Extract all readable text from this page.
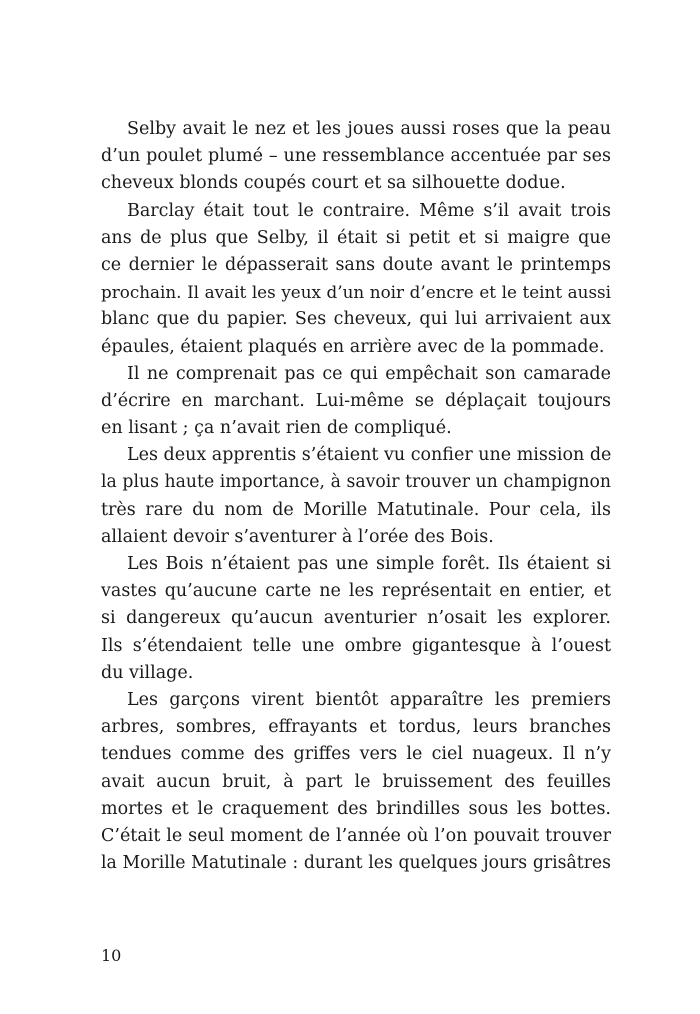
Selby avait le nez et les joues aussi roses que la peau
d’un poulet plumé – une ressemblance accentuée par ses
cheveux blonds coupés court et sa silhouette dodue.
Barclay était tout le contraire. Même s’il avait trois
ans de plus que Selby, il était si petit et si maigre que
ce dernier le dépasserait sans doute avant le printemps
prochain. Il avait les yeux d’un noir d’encre et le teint aussi
blanc que du papier. Ses cheveux, qui lui arrivaient aux
épaules, étaient plaqués en arrière avec de la pommade.
Il ne comprenait pas ce qui empêchait son camarade
d’écrire en marchant. Lui-même se déplaçait toujours
en lisant ; ça n’avait rien de compliqué.
Les deux apprentis s’étaient vu confier une mission de
la plus haute importance, à savoir trouver un champignon
très rare du nom de Morille Matutinale. Pour cela, ils
allaient devoir s’aventurer à l’orée des Bois.
Les Bois n’étaient pas une simple forêt. Ils étaient si
vastes qu’aucune carte ne les représentait en entier, et
si dangereux qu’aucun aventurier n’osait les explorer.
Ils s’étendaient telle une ombre gigantesque à l’ouest
du village.
Les garçons virent bientôt apparaître les premiers
arbres, sombres, effrayants et tordus, leurs branches
tendues comme des griffes vers le ciel nuageux. Il n’y
avait aucun bruit, à part le bruissement des feuilles
mortes et le craquement des brindilles sous les bottes.
C’était le seul moment de l’année où l’on pouvait trouver
la Morille Matutinale : durant les quelques jours grisâtres
10
